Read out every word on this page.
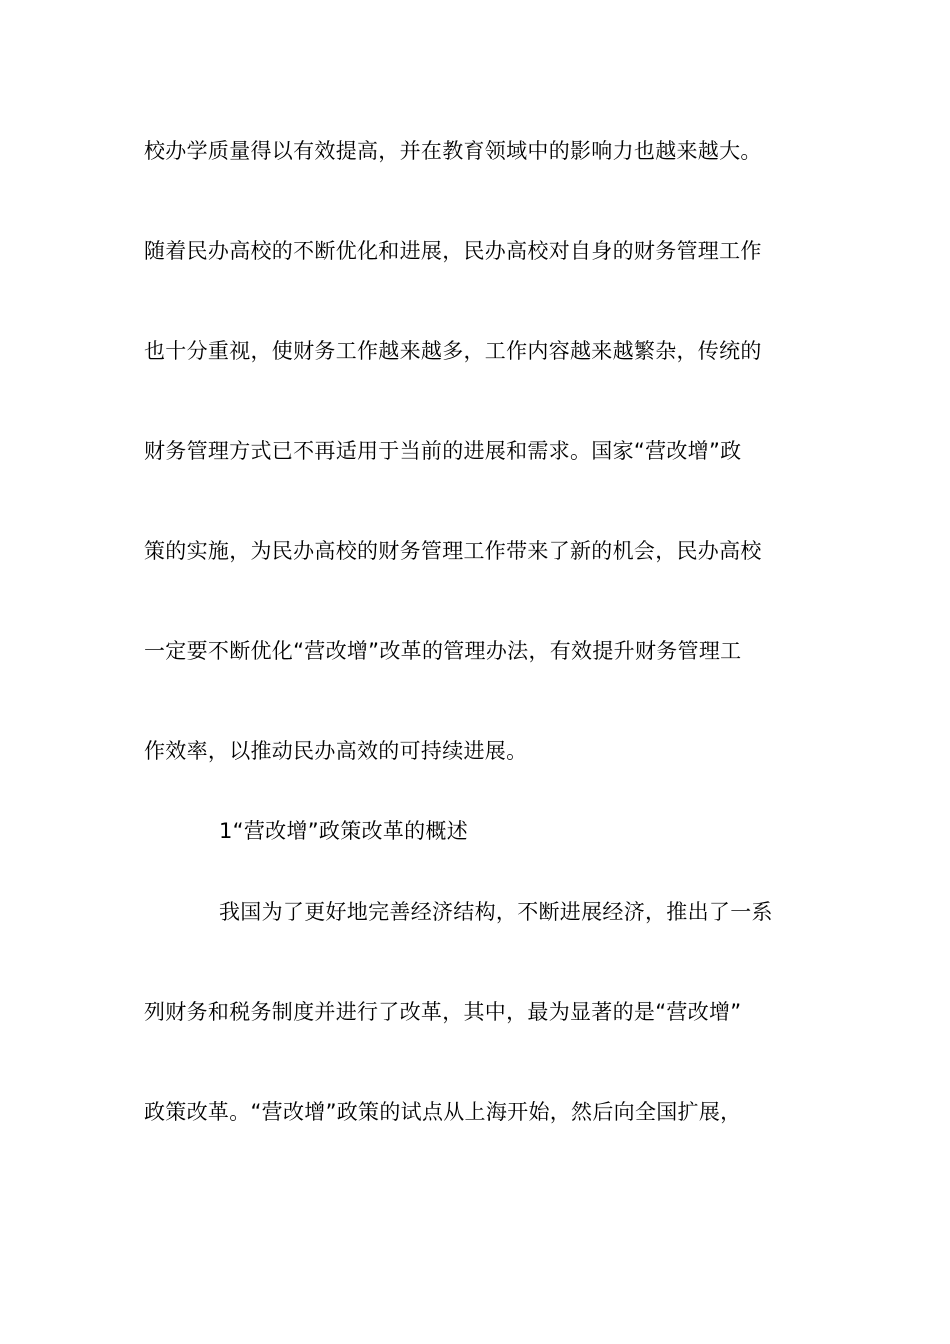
校办学质量得以有效提高，并在教育领域中的影响力也越来越大。
随着民办高校的不断优化和进展，民办高校对自身的财务管理工作
也十分重视，使财务工作越来越多，工作内容越来越繁杂，传统的
财务管理方式已不再适用于当前的进展和需求。国家“营改增”政
策的实施，为民办高校的财务管理工作带来了新的机会，民办高校
一定要不断优化“营改增”改革的管理办法，有效提升财务管理工
作效率，以推动民办高效的可持续进展。
1“营改增”政策改革的概述
我国为了更好地完善经济结构，不断进展经济，推出了一系
列财务和税务制度并进行了改革，其中，最为显著的是“营改增”
政策改革。“营改增”政策的试点从上海开始，然后向全国扩展，
